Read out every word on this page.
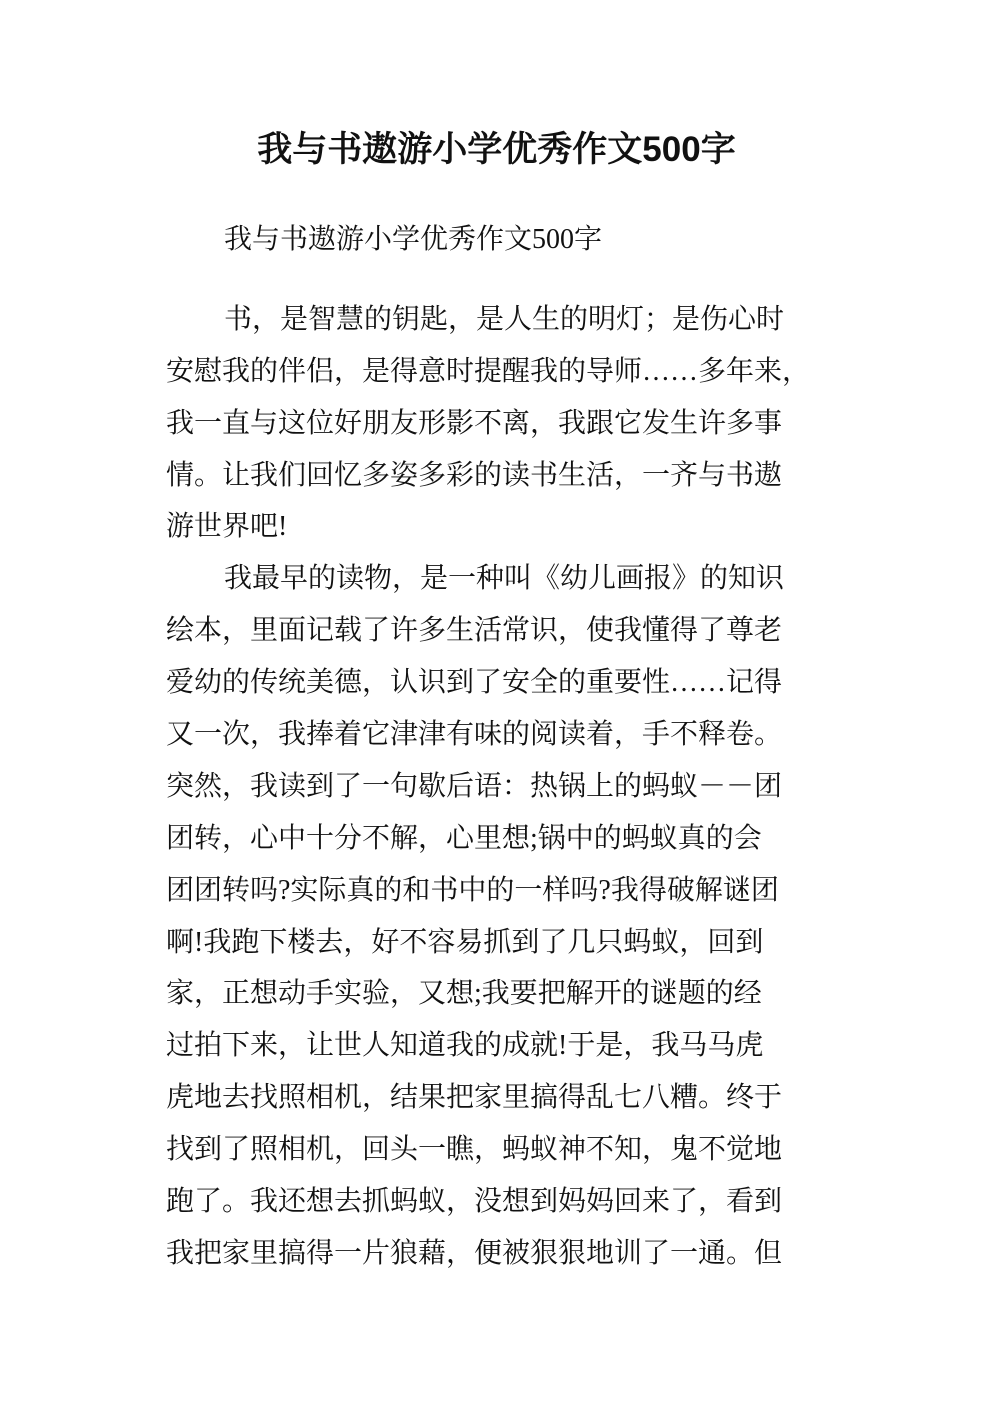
我与书遨游小学优秀作文500字
我与书遨游小学优秀作文500字
书，是智慧的钥匙，是人生的明灯；是伤心时
安慰我的伴侣，是得意时提醒我的导师……多年来，
我一直与这位好朋友形影不离，我跟它发生许多事
情。让我们回忆多姿多彩的读书生活，一齐与书遨
游世界吧!
我最早的读物，是一种叫《幼儿画报》的知识
绘本，里面记载了许多生活常识，使我懂得了尊老
爱幼的传统美德，认识到了安全的重要性……记得
又一次，我捧着它津津有味的阅读着，手不释卷。
突然，我读到了一句歇后语：热锅上的蚂蚁－－团
团转，心中十分不解，心里想;锅中的蚂蚁真的会
团团转吗?实际真的和书中的一样吗?我得破解谜团
啊!我跑下楼去，好不容易抓到了几只蚂蚁，回到
家，正想动手实验，又想;我要把解开的谜题的经
过拍下来，让世人知道我的成就!于是，我马马虎
虎地去找照相机，结果把家里搞得乱七八糟。终于
找到了照相机，回头一瞧，蚂蚁神不知，鬼不觉地
跑了。我还想去抓蚂蚁，没想到妈妈回来了，看到
我把家里搞得一片狼藉，便被狠狠地训了一通。但
